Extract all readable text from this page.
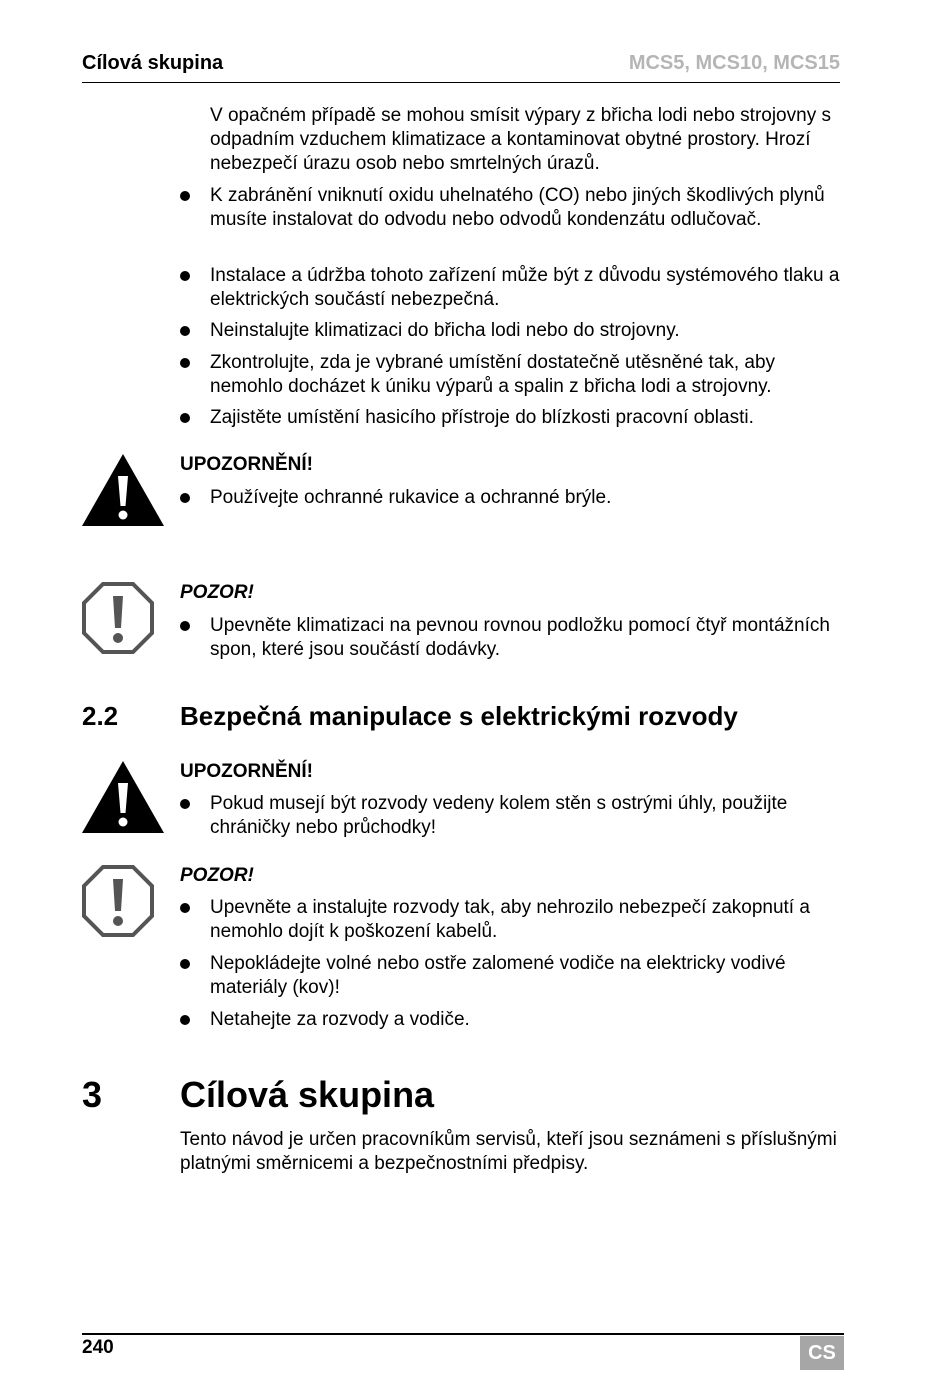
Cílová skupina	MCS5, MCS10, MCS15

V opačném případě se mohou smísit výpary z břicha lodi nebo strojovny s odpadním vzduchem klimatizace a kontaminovat obytné prostory. Hrozí nebezpečí úrazu osob nebo smrtelných úrazů.

K zabránění vniknutí oxidu uhelnatého (CO) nebo jiných škodlivých plynů musíte instalovat do odvodu nebo odvodů kondenzátu odlučovač.
Instalace a údržba tohoto zařízení může být z důvodu systémového tlaku a elektrických součástí nebezpečná.
Neinstalujte klimatizaci do břicha lodi nebo do strojovny.
Zkontrolujte, zda je vybrané umístění dostatečně utěsněné tak, aby nemohlo docházet k úniku výparů a spalin z břicha lodi a strojovny.
Zajistěte umístění hasicího přístroje do blízkosti pracovní oblasti.
UPOZORNĚNÍ!
Používejte ochranné rukavice a ochranné brýle.
POZOR!
Upevněte klimatizaci na pevnou rovnou podložku pomocí čtyř montážních spon, které jsou součástí dodávky.
2.2 Bezpečná manipulace s elektrickými rozvody
UPOZORNĚNÍ!
Pokud musejí být rozvody vedeny kolem stěn s ostrými úhly, použijte chráničky nebo průchodky!
POZOR!
Upevněte a instalujte rozvody tak, aby nehrozilo nebezpečí zakopnutí a nemohlo dojít k poškození kabelů.
Nepokládejte volné nebo ostře zalomené vodiče na elektricky vodivé materiály (kov)!
Netahejte za rozvody a vodiče.
3 Cílová skupina

Tento návod je určen pracovníkům servisů, kteří jsou seznámeni s příslušnými platnými směrnicemi a bezpečnostními předpisy.

240	CS
